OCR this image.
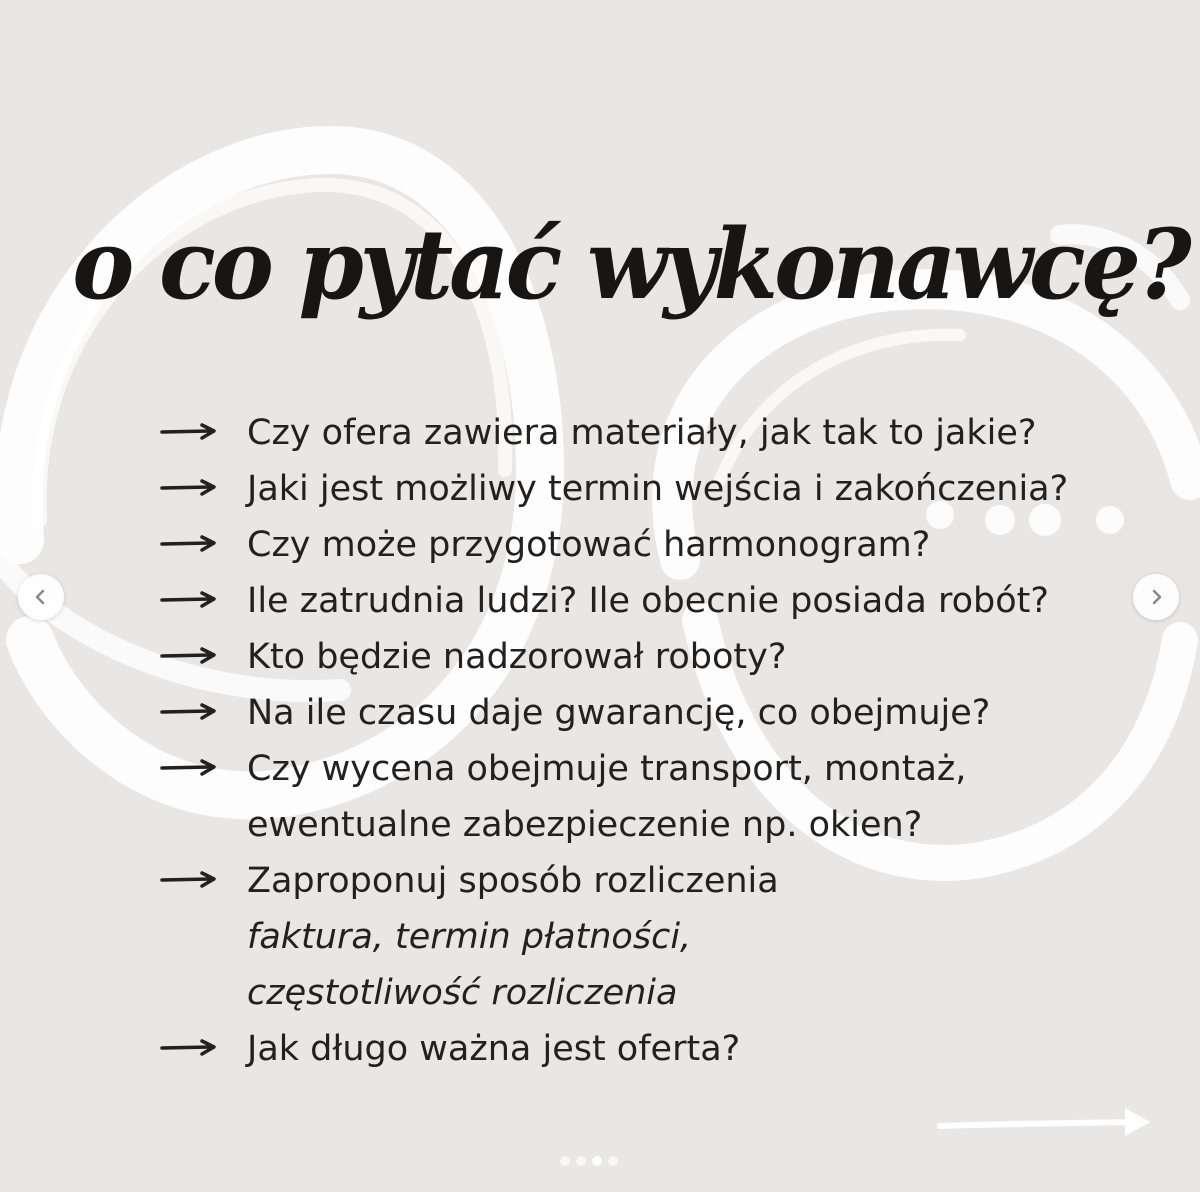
o co pytać wykonawcę?
Czy ofera zawiera materiały, jak tak to jakie?
Jaki jest możliwy termin wejścia i zakończenia?
Czy może przygotować harmonogram?
Ile zatrudnia ludzi? Ile obecnie posiada robót?
Kto będzie nadzorował roboty?
Na ile czasu daje gwarancję, co obejmuje?
Czy wycena obejmuje transport, montaż, ewentualne zabezpieczenie np. okien?
Zaproponuj sposób rozliczenia
faktura, termin płatności,
częstotliwość rozliczenia
Jak długo ważna jest oferta?
